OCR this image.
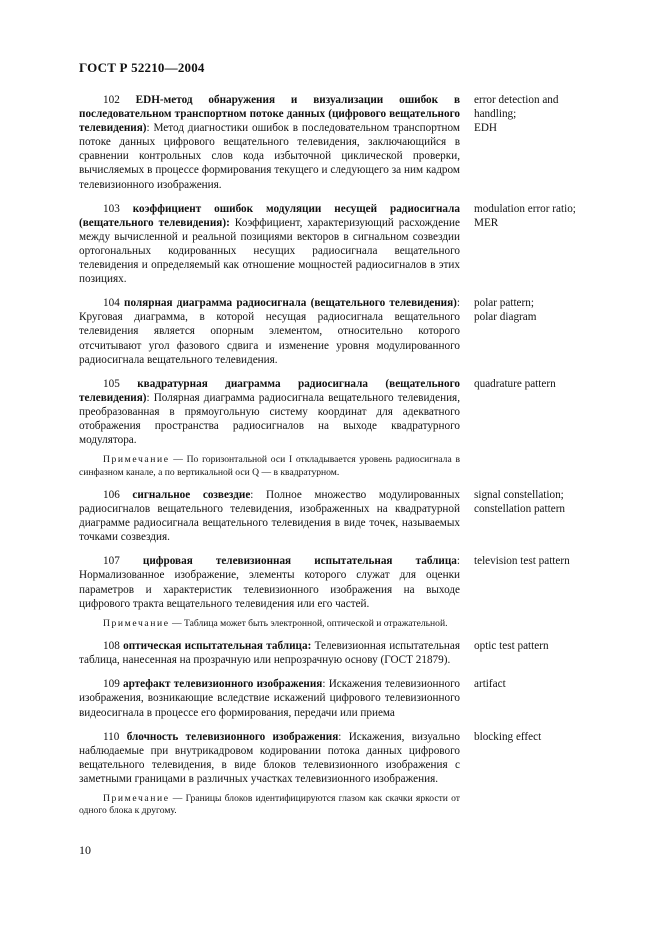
ГОСТ Р 52210—2004
102 EDH-метод обнаружения и визуализации ошибок в последовательном транспортном потоке данных (цифрового вещательного телевидения): Метод диагностики ошибок в последовательном транспортном потоке данных цифрового вещательного телевидения, заключающийся в сравнении контрольных слов кода избыточной циклической проверки, вычисляемых в процессе формирования текущего и следующего за ним кадром телевизионного изображения.
error detection and handling;
EDH
103 коэффициент ошибок модуляции несущей радиосигнала (вещательного телевидения): Коэффициент, характеризующий расхождение между вычисленной и реальной позициями векторов в сигнальном созвездии ортогональных кодированных несущих радиосигнала вещательного телевидения и определяемый как отношение мощностей радиосигналов в этих позициях.
modulation error ratio;
MER
104 полярная диаграмма радиосигнала (вещательного телевидения): Круговая диаграмма, в которой несущая радиосигнала вещательного телевидения является опорным элементом, относительно которого отсчитывают угол фазового сдвига и изменение уровня модулированного радиосигнала вещательного телевидения.
polar pattern;
polar diagram
105 квадратурная диаграмма радиосигнала (вещательного телевидения): Полярная диаграмма радиосигнала вещательного телевидения, преобразованная в прямоугольную систему координат для адекватного отображения пространства радиосигналов на выходе квадратурного модулятора.
quadrature pattern
Примечание — По горизонтальной оси I откладывается уровень радиосигнала в синфазном канале, а по вертикальной оси Q — в квадратурном.
106 сигнальное созвездие: Полное множество модулированных радиосигналов вещательного телевидения, изображенных на квадратурной диаграмме радиосигнала вещательного телевидения в виде точек, называемых точками созвездия.
signal constellation;
constellation pattern
107 цифровая телевизионная испытательная таблица: Нормализованное изображение, элементы которого служат для оценки параметров и характеристик телевизионного изображения на выходе цифрового тракта вещательного телевидения или его частей.
television test pattern
Примечание — Таблица может быть электронной, оптической и отражательной.
108 оптическая испытательная таблица: Телевизионная испытательная таблица, нанесенная на прозрачную или непрозрачную основу (ГОСТ 21879).
optic test pattern
109 артефакт телевизионного изображения: Искажения телевизионного изображения, возникающие вследствие искажений цифрового телевизионного видеосигнала в процессе его формирования, передачи или приема
artifact
110 блочность телевизионного изображения: Искажения, визуально наблюдаемые при внутрикадровом кодировании потока данных цифрового вещательного телевидения, в виде блоков телевизионного изображения с заметными границами в различных участках телевизионного изображения.
blocking effect
Примечание — Границы блоков идентифицируются глазом как скачки яркости от одного блока к другому.
10
